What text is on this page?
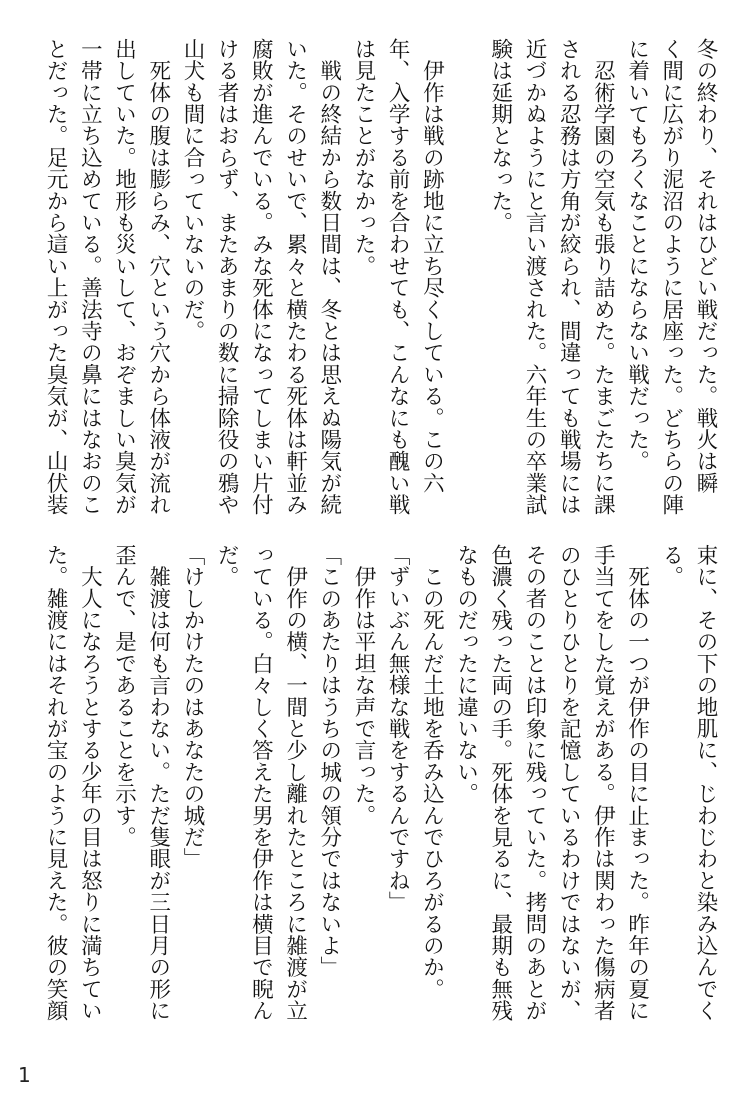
冬の終わり、それはひどい戦だった。戦火は瞬
く間に広がり泥沼のように居座った。どちらの陣
に着いてもろくなことにならない戦だった。
　忍術学園の空気も張り詰めた。たまごたちに課
される忍務は方角が絞られ、間違っても戦場には
近づかぬようにと言い渡された。六年生の卒業試
験は延期となった。

　伊作は戦の跡地に立ち尽くしている。この六
年、入学する前を合わせても、こんなにも醜い戦
は見たことがなかった。
　戦の終結から数日間は、冬とは思えぬ陽気が続
いた。そのせいで、累々と横たわる死体は軒並み
腐敗が進んでいる。みな死体になってしまい片付
ける者はおらず、またあまりの数に掃除役の鴉や
山犬も間に合っていないのだ。
　死体の腹は膨らみ、穴という穴から体液が流れ
出していた。地形も災いして、おぞましい臭気が
一帯に立ち込めている。善法寺の鼻にはなおのこ
とだった。足元から這い上がった臭気が、山伏装
束に、その下の地肌に、じわじわと染み込んでく
る。
　死体の一つが伊作の目に止まった。昨年の夏に
手当てをした覚えがある。伊作は関わった傷病者
のひとりひとりを記憶しているわけではないが、
その者のことは印象に残っていた。拷問のあとが
色濃く残った両の手。死体を見るに、最期も無残
なものだったに違いない。
　この死んだ土地を呑み込んでひろがるのか。
「ずいぶん無様な戦をするんですね」
　伊作は平坦な声で言った。
「このあたりはうちの城の領分ではないよ」
　伊作の横、一間と少し離れたところに雑渡が立
っている。白々しく答えた男を伊作は横目で睨ん
だ。
「けしかけたのはあなたの城だ」
　雑渡は何も言わない。ただ隻眼が三日月の形に
歪んで、是であることを示す。
　大人になろうとする少年の目は怒りに満ちてい
た。雑渡にはそれが宝のように見えた。彼の笑顔
1
